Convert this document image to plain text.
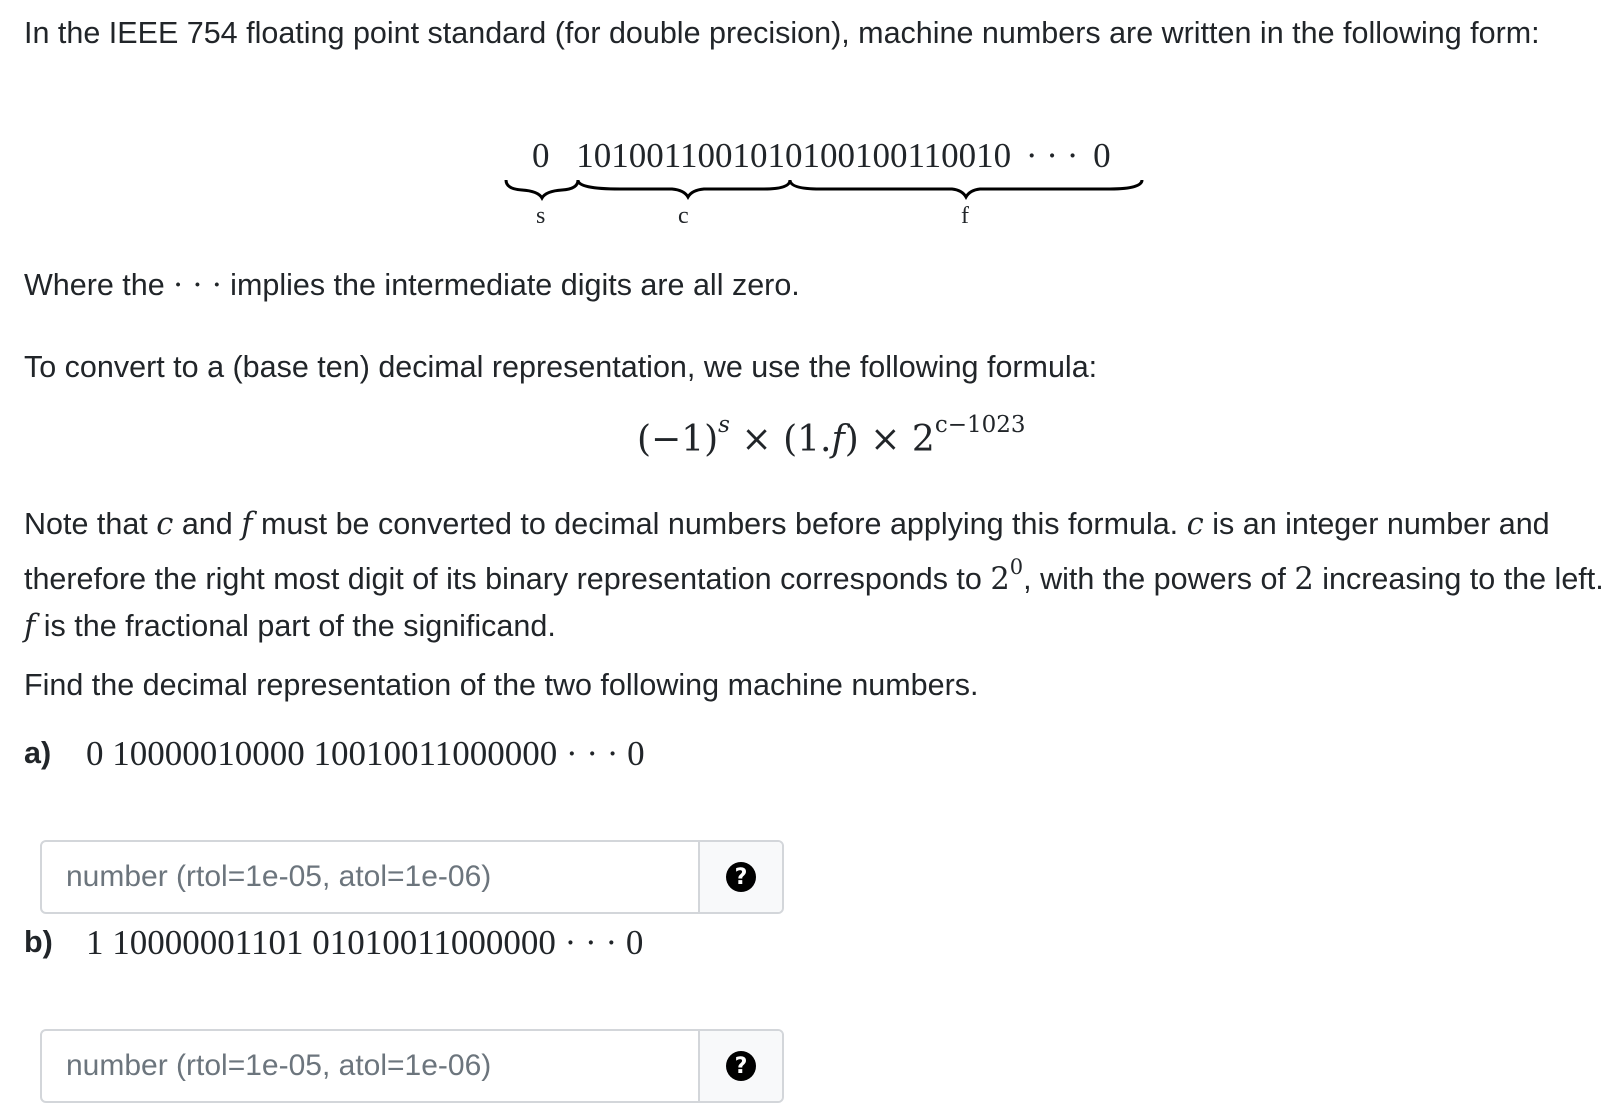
In the IEEE 754 floating point standard (for double precision), machine numbers are written in the following form:

0 1010011001010100100110010 · · · 0
s	c	f

Where the · · · implies the intermediate digits are all zero.

To convert to a (base ten) decimal representation, we use the following formula:

$(-1)^s \times (1.f) \times 2^{c-1023}$

Note that c and f must be converted to decimal numbers before applying this formula. c is an integer number and therefore the right most digit of its binary representation corresponds to $2^0$, with the powers of 2 increasing to the left. f is the fractional part of the significand.

Find the decimal representation of the two following machine numbers.

a) 0 10000010000 10010011000000 · · · 0
number (rtol=1e-05, atol=1e-06)
?
b) 1 10000001101 01010011000000 · · · 0
number (rtol=1e-05, atol=1e-06)
?
